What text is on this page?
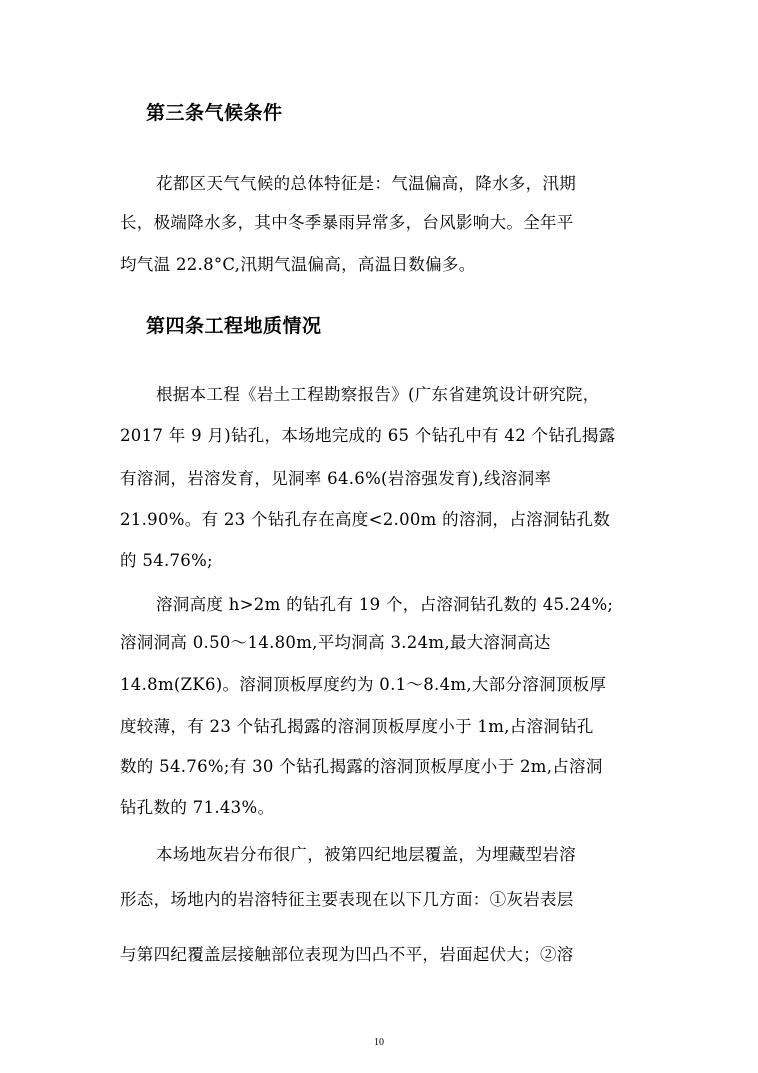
第三条气候条件
花都区天气气候的总体特征是：气温偏高，降水多，汛期
长，极端降水多，其中冬季暴雨异常多，台风影响大。全年平
均气温 22.8°C,汛期气温偏高，高温日数偏多。
第四条工程地质情况
根据本工程《岩土工程勘察报告》(广东省建筑设计研究院，
2017 年 9 月)钻孔，本场地完成的 65 个钻孔中有 42 个钻孔揭露
有溶洞，岩溶发育，见洞率 64.6%(岩溶强发育),线溶洞率
21.90%。有 23 个钻孔存在高度<2.00m 的溶洞，占溶洞钻孔数
的 54.76%;
溶洞高度 h>2m 的钻孔有 19 个，占溶洞钻孔数的 45.24%;
溶洞洞高 0.50～14.80m,平均洞高 3.24m,最大溶洞高达
14.8m(ZK6)。溶洞顶板厚度约为 0.1～8.4m,大部分溶洞顶板厚
度较薄，有 23 个钻孔揭露的溶洞顶板厚度小于 1m,占溶洞钻孔
数的 54.76%;有 30 个钻孔揭露的溶洞顶板厚度小于 2m,占溶洞
钻孔数的 71.43%。
本场地灰岩分布很广，被第四纪地层覆盖，为埋藏型岩溶
形态，场地内的岩溶特征主要表现在以下几方面：①灰岩表层
与第四纪覆盖层接触部位表现为凹凸不平，岩面起伏大；②溶
10
